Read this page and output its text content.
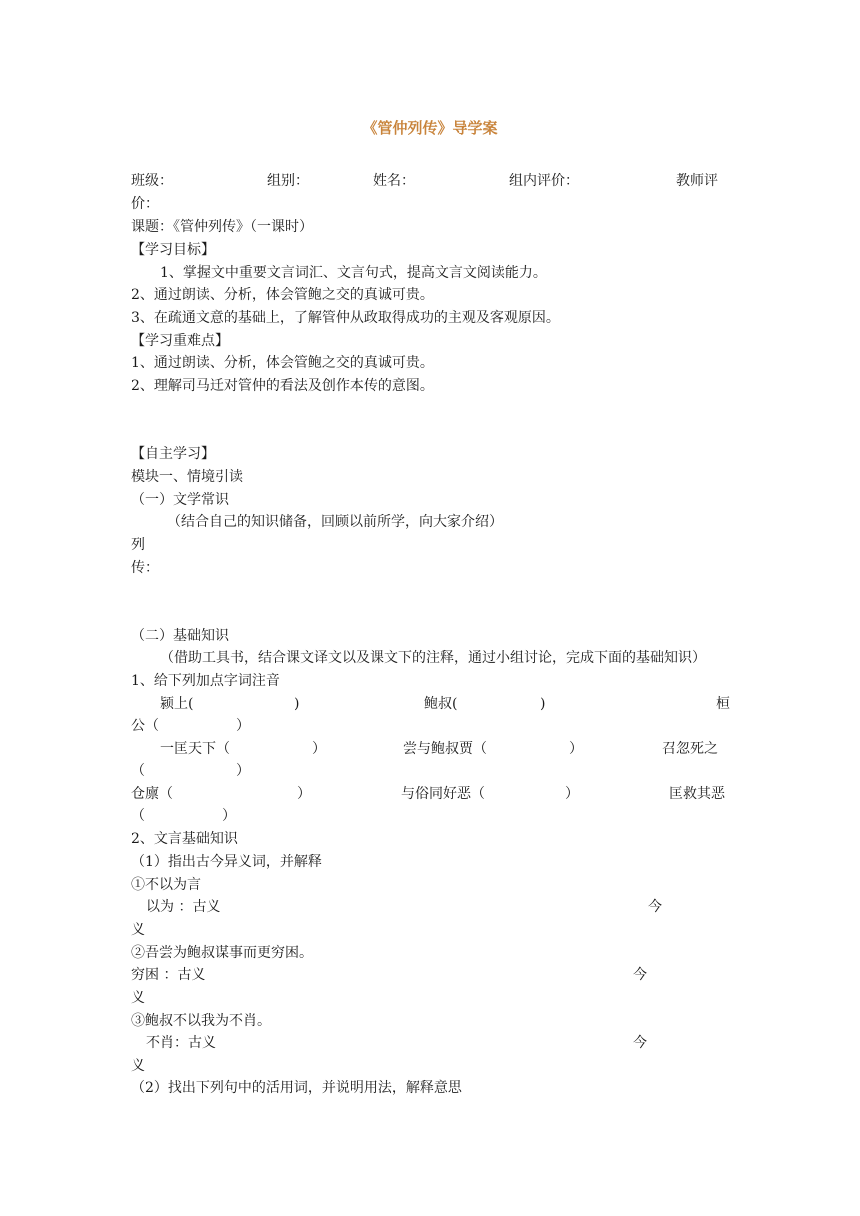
《管仲列传》导学案
班级：	组别：	姓名：	组内评价：	教师评
价：
课题：《管仲列传》（一课时）
【学习目标】
1、掌握文中重要文言词汇、文言句式，提高文言文阅读能力。
2、通过朗读、分析，体会管鲍之交的真诚可贵。
3、在疏通文意的基础上，了解管仲从政取得成功的主观及客观原因。
【学习重难点】
1、通过朗读、分析，体会管鲍之交的真诚可贵。
2、理解司马迁对管仲的看法及创作本传的意图。
【自主学习】
模块一、情境引读
（一）文学常识
（结合自己的知识储备，回顾以前所学，向大家介绍）
列
传：
（二）基础知识
（借助工具书，结合课文译文以及课文下的注释，通过小组讨论，完成下面的基础知识）
1、给下列加点字词注音
颍上(	)	鲍叔(	)	桓
公（	）
一匡天下（	）	尝与鲍叔贾（	）	召忽死之
（	）
仓廪（	）	与俗同好恶（	）	匡救其恶
（	）
2、文言基础知识
（1）指出古今异义词，并解释
①不以为言
以为 ：古义	今
义
②吾尝为鲍叔谋事而更穷困。
穷困 ：古义	今
义
③鲍叔不以我为不肖。
不肖：古义	今
义
（2）找出下列句中的活用词，并说明用法，解释意思
